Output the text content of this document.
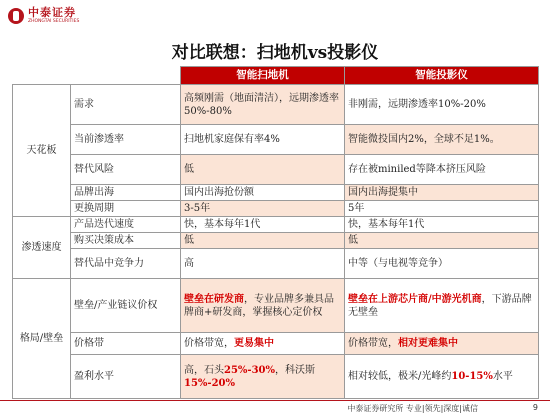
中泰证券
ZHONGTAI SECURITIES
对比联想：扫地机vs投影仪
		智能扫地机	智能投影仪
天花板	需求	高频刚需（地面清洁），远期渗透率50%-80%	非刚需，远期渗透率10%-20%
	当前渗透率	扫地机家庭保有率4%	智能微投国内2%，全球不足1%。
	替代风险	低	存在被miniled等降本挤压风险
	品牌出海	国内出海抢份额	国内出海提集中
	更换周期	3-5年	5年
渗透速度	产品迭代速度	快，基本每年1代	快，基本每年1代
	购买决策成本	低	低
	替代品中竞争力	高	中等（与电视等竞争）
格局/壁垒	壁垒/产业链议价权	壁垒在研发商，专业品牌多兼具品牌商+研发商，掌握核心定价权	壁垒在上游芯片商/中游光机商，下游品牌无壁垒
	价格带	价格带宽，更易集中	价格带宽，相对更难集中
	盈利水平	高，石头25%-30%，科沃斯15%-20%	相对较低，极米/光峰约10-15%水平
中泰证券研究所 专业|领先|深度|诚信	9
